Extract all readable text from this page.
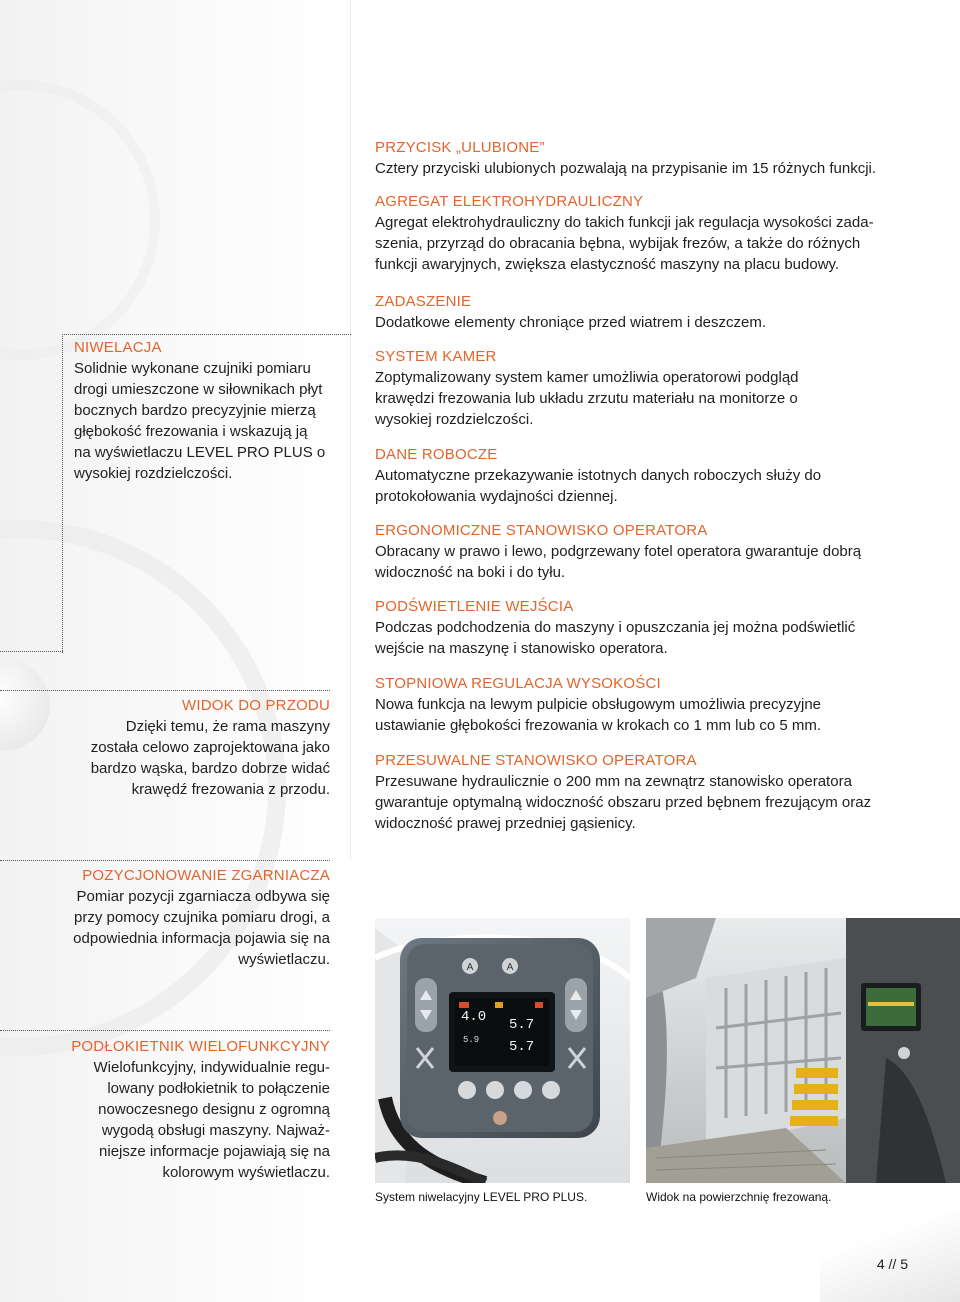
NIWELACJA
Solidnie wykonane czujniki pomiaru
drogi umieszczone w siłownikach płyt
bocznych bardzo precyzyjnie mierzą
głębokość frezowania i wskazują ją
na wyświetlaczu LEVEL PRO PLUS o
wysokiej rozdzielczości.
WIDOK DO PRZODU
Dzięki temu, że rama maszyny
została celowo zaprojektowana jako
bardzo wąska, bardzo dobrze widać
krawędź frezowania z przodu.
POZYCJONOWANIE ZGARNIACZA
Pomiar pozycji zgarniacza odbywa się
przy pomocy czujnika pomiaru drogi, a
odpowiednia informacja pojawia się na
wyświetlaczu.
PODŁOKIETNIK WIELOFUNKCYJNY
Wielofunkcyjny, indywidualnie regu-
lowany podłokietnik to połączenie
nowoczesnego designu z ogromną
wygodą obsługi maszyny. Najważ-
niejsze informacje pojawiają się na
kolorowym wyświetlaczu.
PRZYCISK „ULUBIONE”
Cztery przyciski ulubionych pozwalają na przypisanie im 15 różnych funkcji.
AGREGAT ELEKTROHYDRAULICZNY
Agregat elektrohydrauliczny do takich funkcji jak regulacja wysokości zada-
szenia, przyrząd do obracania bębna, wybijak frezów, a także do różnych
funkcji awaryjnych, zwiększa elastyczność maszyny na placu budowy.
ZADASZENIE
Dodatkowe elementy chroniące przed wiatrem i deszczem.
SYSTEM KAMER
Zoptymalizowany system kamer umożliwia operatorowi podgląd
krawędzi frezowania lub układu zrzutu materiału na monitorze o
wysokiej rozdzielczości.
DANE ROBOCZE
Automatyczne przekazywanie istotnych danych roboczych służy do
protokołowania wydajności dziennej.
ERGONOMICZNE STANOWISKO OPERATORA
Obracany w prawo i lewo, podgrzewany fotel operatora gwarantuje dobrą
widoczność na boki i do tyłu.
PODŚWIETLENIE WEJŚCIA
Podczas podchodzenia do maszyny i opuszczania jej można podświetlić
wejście na maszynę i stanowisko operatora.
STOPNIOWA REGULACJA WYSOKOŚCI
Nowa funkcja na lewym pulpicie obsługowym umożliwia precyzyjne
ustawianie głębokości frezowania w krokach co 1 mm lub co 5 mm.
PRZESUWALNE STANOWISKO OPERATORA
Przesuwane hydraulicznie o 200 mm na zewnątrz stanowisko operatora
gwarantuje optymalną widoczność obszaru przed bębnem frezującym oraz
widoczność prawej przedniej gąsienicy.
A	A
4.0 5.7
5.9 5.7
System niwelacyjny LEVEL PRO PLUS.	Widok na powierzchnię frezowaną.
4 // 5
